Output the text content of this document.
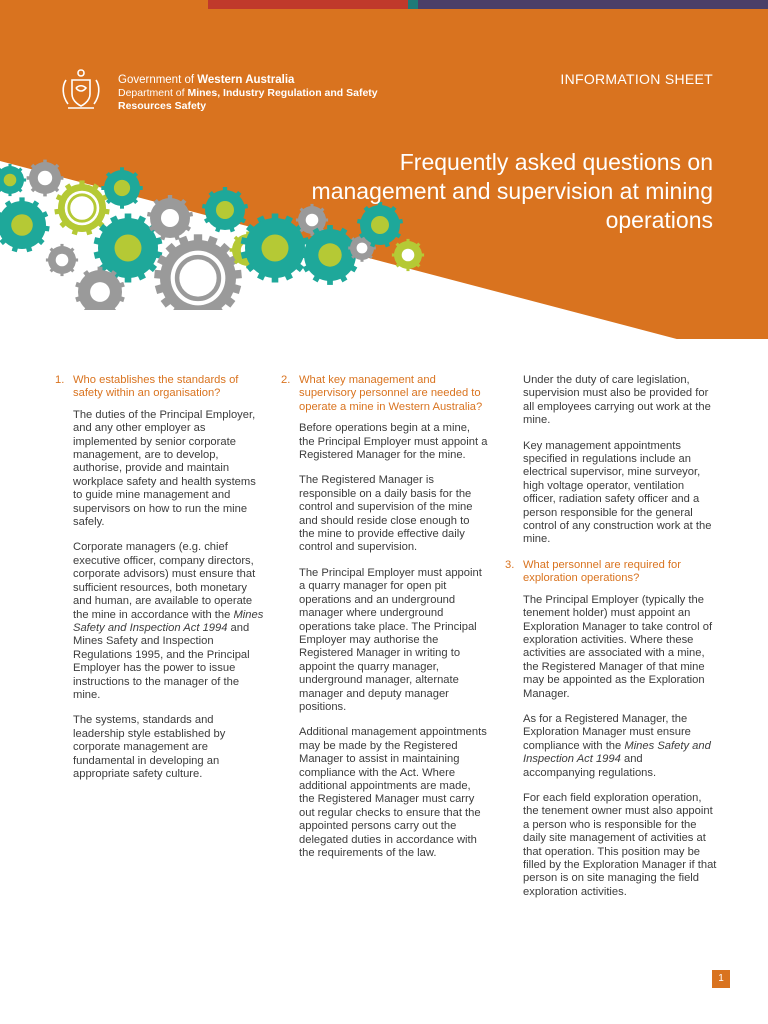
Government of Western Australia
Department of Mines, Industry Regulation and Safety
Resources Safety
INFORMATION SHEET
Frequently asked questions on management and supervision at mining operations
1. Who establishes the standards of safety within an organisation?

The duties of the Principal Employer, and any other employer as implemented by senior corporate management, are to develop, authorise, provide and maintain workplace safety and health systems to guide mine management and supervisors on how to run the mine safely.

Corporate managers (e.g. chief executive officer, company directors, corporate advisors) must ensure that sufficient resources, both monetary and human, are available to operate the mine in accordance with the Mines Safety and Inspection Act 1994 and Mines Safety and Inspection Regulations 1995, and the Principal Employer has the power to issue instructions to the manager of the mine.

The systems, standards and leadership style established by corporate management are fundamental in developing an appropriate safety culture.

2. What key management and supervisory personnel are needed to operate a mine in Western Australia?

Before operations begin at a mine, the Principal Employer must appoint a Registered Manager for the mine.

The Registered Manager is responsible on a daily basis for the control and supervision of the mine and should reside close enough to the mine to provide effective daily control and supervision.

The Principal Employer must appoint a quarry manager for open pit operations and an underground manager where underground operations take place. The Principal Employer may authorise the Registered Manager in writing to appoint the quarry manager, underground manager, alternate manager and deputy manager positions.

Additional management appointments may be made by the Registered Manager to assist in maintaining compliance with the Act. Where additional appointments are made, the Registered Manager must carry out regular checks to ensure that the appointed persons carry out the delegated duties in accordance with the requirements of the law.

Under the duty of care legislation, supervision must also be provided for all employees carrying out work at the mine.

Key management appointments specified in regulations include an electrical supervisor, mine surveyor, high voltage operator, ventilation officer, radiation safety officer and a person responsible for the general control of any construction work at the mine.

3. What personnel are required for exploration operations?

The Principal Employer (typically the tenement holder) must appoint an Exploration Manager to take control of exploration activities. Where these activities are associated with a mine, the Registered Manager of that mine may be appointed as the Exploration Manager.

As for a Registered Manager, the Exploration Manager must ensure compliance with the Mines Safety and Inspection Act 1994 and accompanying regulations.

For each field exploration operation, the tenement owner must also appoint a person who is responsible for the daily site management of activities at that operation. This position may be filled by the Exploration Manager if that person is on site managing the field exploration activities.

1
